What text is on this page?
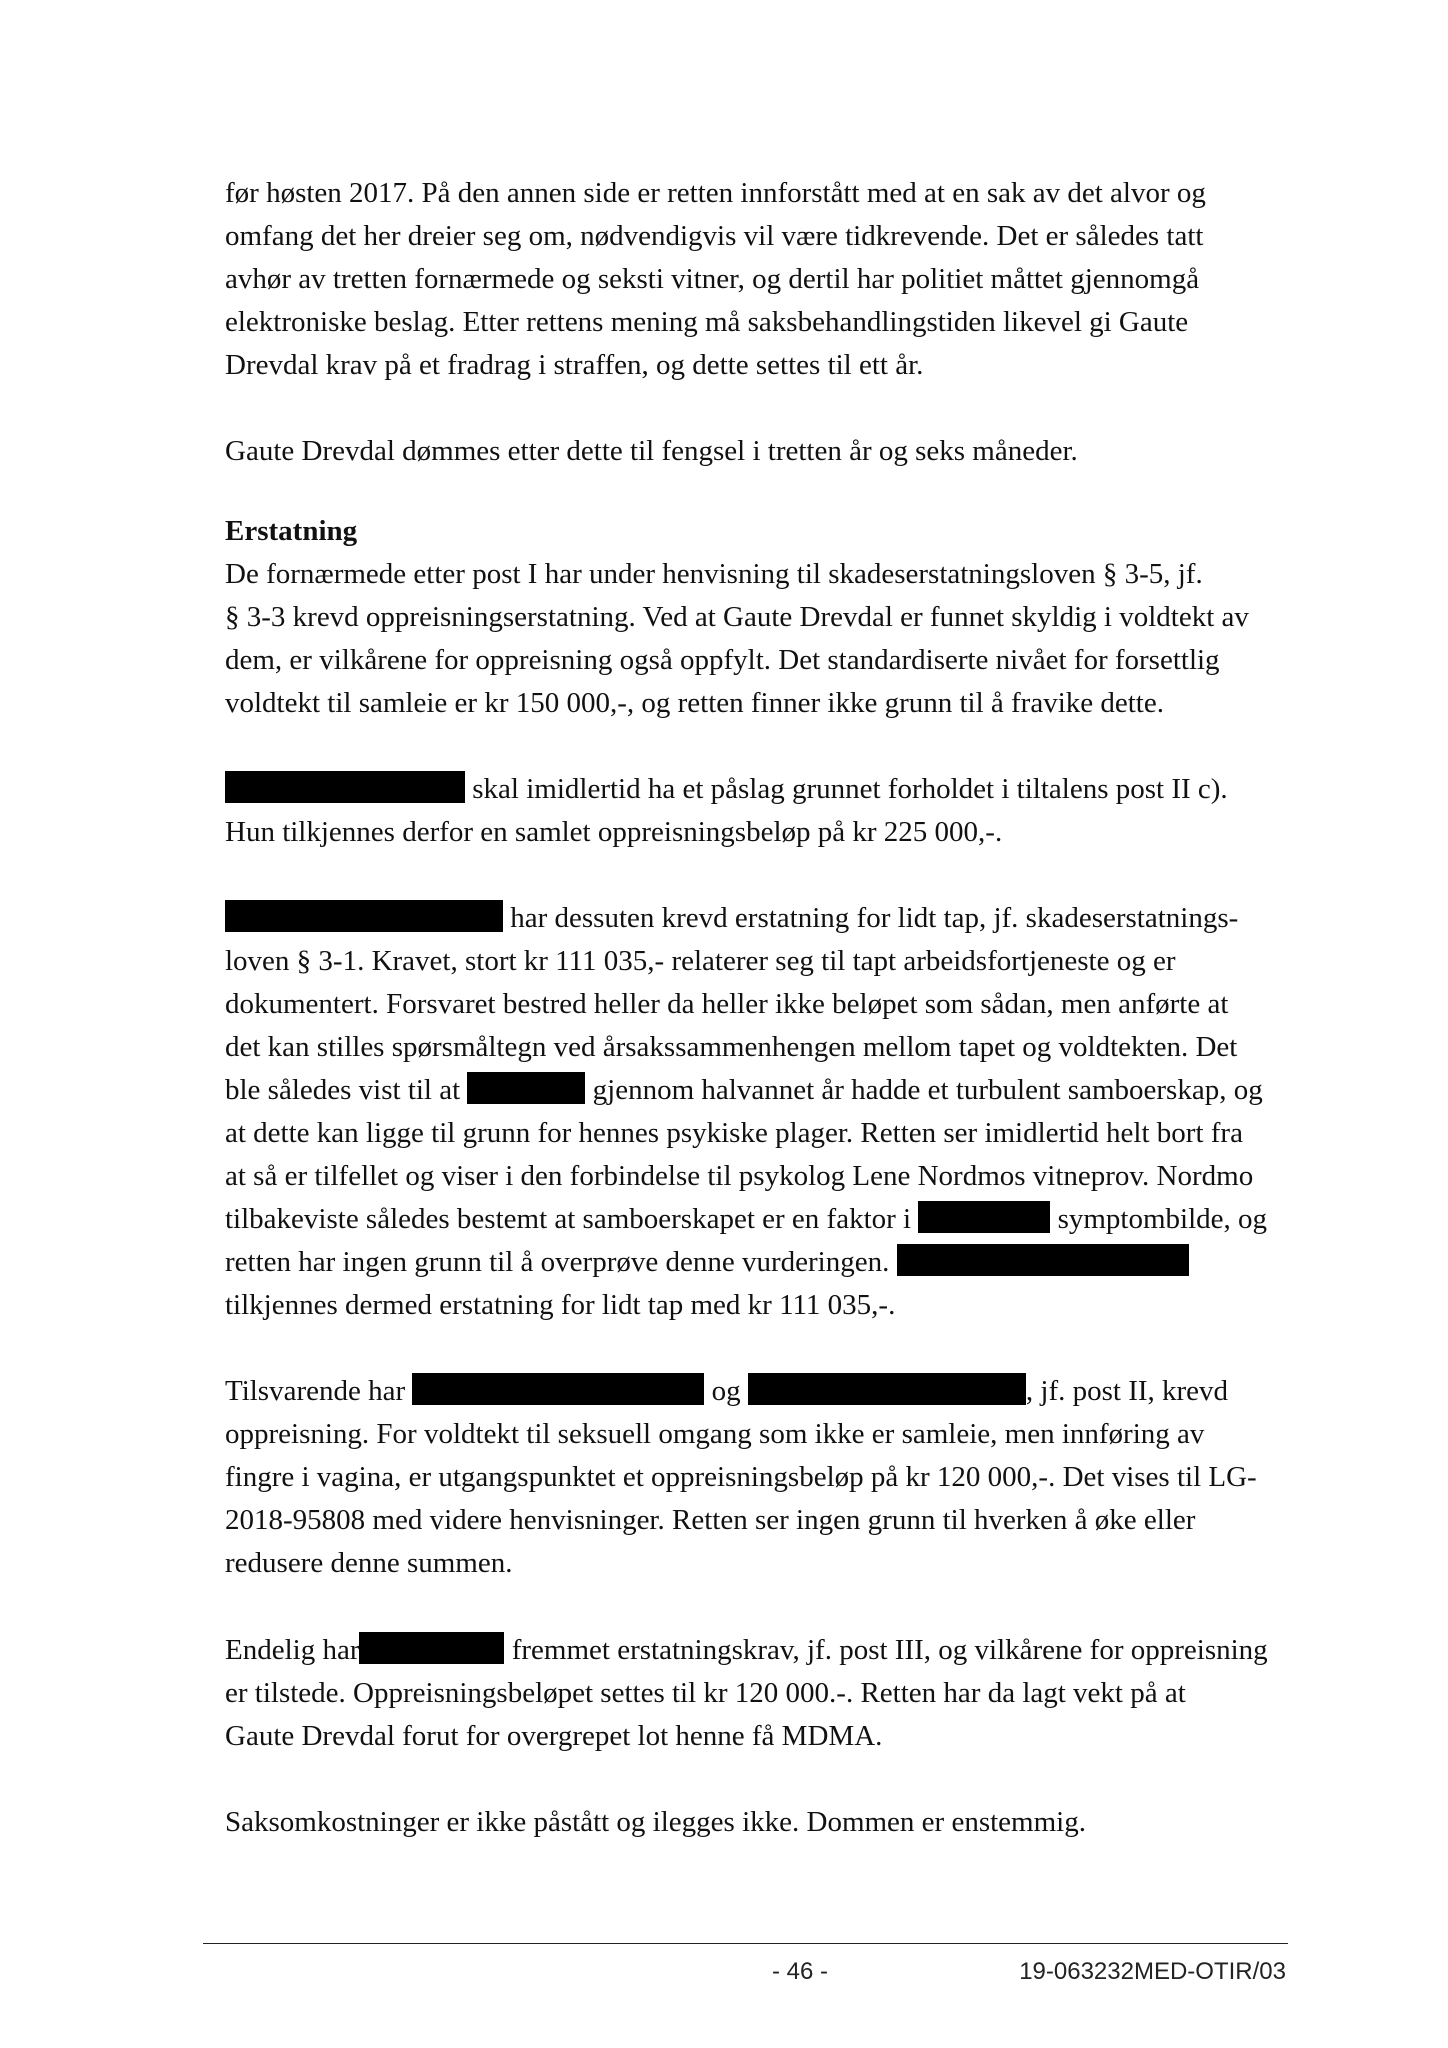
før høsten 2017. På den annen side er retten innforstått med at en sak av det alvor og
omfang det her dreier seg om, nødvendigvis vil være tidkrevende. Det er således tatt
avhør av tretten fornærmede og seksti vitner, og dertil har politiet måttet gjennomgå
elektroniske beslag. Etter rettens mening må saksbehandlingstiden likevel gi Gaute
Drevdal krav på et fradrag i straffen, og dette settes til ett år.
Gaute Drevdal dømmes etter dette til fengsel i tretten år og seks måneder.
Erstatning
De fornærmede etter post I har under henvisning til skadeserstatningsloven § 3-5, jf.
§ 3-3 krevd oppreisningserstatning. Ved at Gaute Drevdal er funnet skyldig i voldtekt av
dem, er vilkårene for oppreisning også oppfylt. Det standardiserte nivået for forsettlig
voldtekt til samleie er kr 150 000,-, og retten finner ikke grunn til å fravike dette.
skal imidlertid ha et påslag grunnet forholdet i tiltalens post II c).
Hun tilkjennes derfor en samlet oppreisningsbeløp på kr 225 000,-.
har dessuten krevd erstatning for lidt tap, jf. skadeserstatnings-
loven § 3-1. Kravet, stort kr 111 035,- relaterer seg til tapt arbeidsfortjeneste og er
dokumentert. Forsvaret bestred heller da heller ikke beløpet som sådan, men anførte at
det kan stilles spørsmåltegn ved årsakssammenhengen mellom tapet og voldtekten. Det
ble således vist til at	gjennom halvannet år hadde et turbulent samboerskap, og
at dette kan ligge til grunn for hennes psykiske plager. Retten ser imidlertid helt bort fra
at så er tilfellet og viser i den forbindelse til psykolog Lene Nordmos vitneprov. Nordmo
tilbakeviste således bestemt at samboerskapet er en faktor i	symptombilde, og
retten har ingen grunn til å overprøve denne vurderingen.
tilkjennes dermed erstatning for lidt tap med kr 111 035,-.
Tilsvarende har	og	, jf. post II, krevd
oppreisning. For voldtekt til seksuell omgang som ikke er samleie, men innføring av
fingre i vagina, er utgangspunktet et oppreisningsbeløp på kr 120 000,-. Det vises til LG-
2018-95808 med videre henvisninger. Retten ser ingen grunn til hverken å øke eller
redusere denne summen.
Endelig har	fremmet erstatningskrav, jf. post III, og vilkårene for oppreisning
er tilstede. Oppreisningsbeløpet settes til kr 120 000.-. Retten har da lagt vekt på at
Gaute Drevdal forut for overgrepet lot henne få MDMA.
Saksomkostninger er ikke påstått og ilegges ikke. Dommen er enstemmig.
- 46 -	19-063232MED-OTIR/03
